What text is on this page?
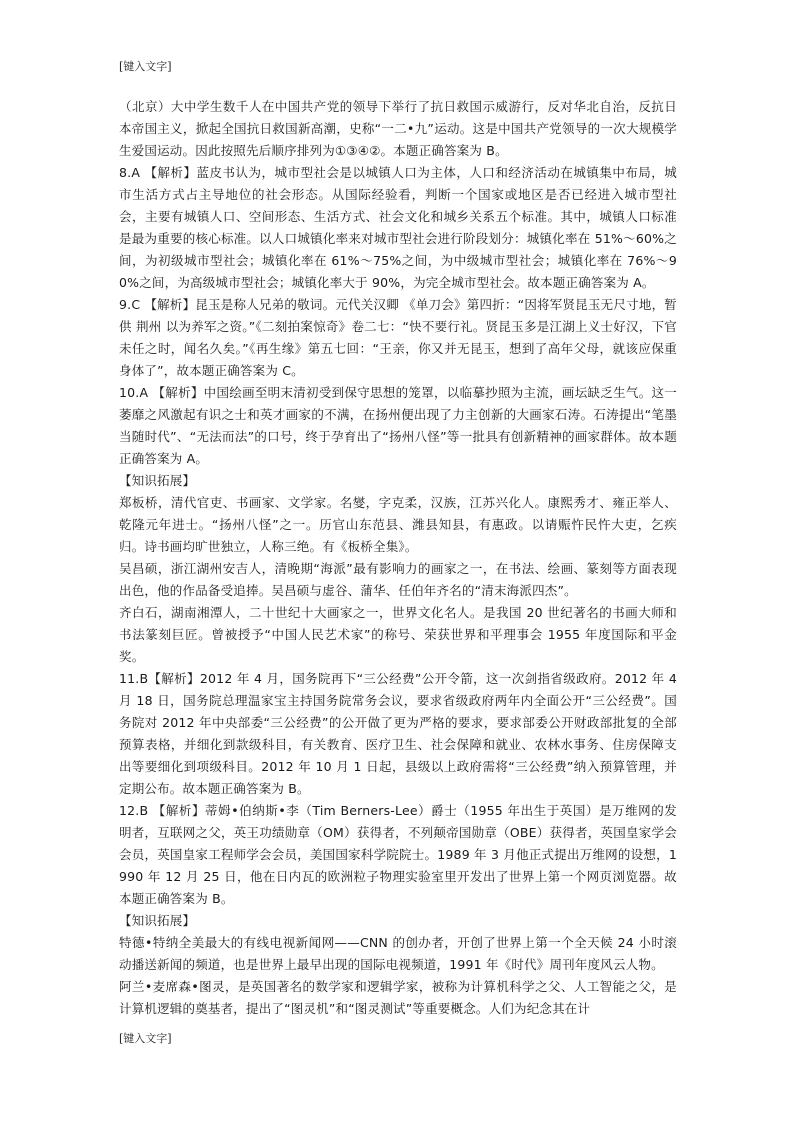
[键入文字]

（北京）大中学生数千人在中国共产党的领导下举行了抗日救国示威游行，反对华北自治，反抗日本帝国主义，掀起全国抗日救国新高潮，史称“一二•九”运动。这是中国共产党领导的一次大规模学生爱国运动。因此按照先后顺序排列为①③④②。本题正确答案为 B。

8.A 【解析】蓝皮书认为，城市型社会是以城镇人口为主体，人口和经济活动在城镇集中布局，城市生活方式占主导地位的社会形态。从国际经验看，判断一个国家或地区是否已经进入城市型社会，主要有城镇人口、空间形态、生活方式、社会文化和城乡关系五个标准。其中，城镇人口标准是最为重要的核心标准。以人口城镇化率来对城市型社会进行阶段划分：城镇化率在 51%～60%之间，为初级城市型社会；城镇化率在 61%～75%之间，为中级城市型社会；城镇化率在 76%～90%之间，为高级城市型社会；城镇化率大于 90%，为完全城市型社会。故本题正确答案为 A。

9.C 【解析】昆玉是称人兄弟的敬词。元代关汉卿 《单刀会》第四折：“因将军贤昆玉无尺寸地，暂供 荆州 以为养军之资。”《二刻拍案惊奇》卷二七：“快不要行礼。贤昆玉多是江湖上义士好汉，下官未任之时，闻名久矣。”《再生缘》第五七回：“王亲，你又并无昆玉，想到了高年父母，就该应保重身体了”，故本题正确答案为 C。

10.A 【解析】中国绘画至明末清初受到保守思想的笼罩，以临摹抄照为主流，画坛缺乏生气。这一萎靡之风激起有识之士和英才画家的不满，在扬州便出现了力主创新的大画家石涛。石涛提出“笔墨当随时代”、“无法而法”的口号，终于孕育出了“扬州八怪”等一批具有创新精神的画家群体。故本题正确答案为 A。

【知识拓展】

郑板桥，清代官吏、书画家、文学家。名燮，字克柔，汉族，江苏兴化人。康熙秀才、雍正举人、乾隆元年进士。“扬州八怪”之一。历官山东范县、潍县知县，有惠政。以请赈忤民忤大吏，乞疾归。诗书画均旷世独立，人称三绝。有《板桥全集》。

吴昌硕，浙江湖州安吉人，清晚期“海派”最有影响力的画家之一，在书法、绘画、篆刻等方面表现出色，他的作品备受追捧。吴昌硕与虚谷、蒲华、任伯年齐名的“清末海派四杰”。

齐白石，湖南湘潭人，二十世纪十大画家之一，世界文化名人。是我国 20 世纪著名的书画大师和书法篆刻巨匠。曾被授予“中国人民艺术家”的称号、荣获世界和平理事会 1955 年度国际和平金奖。

11.B【解析】2012 年 4 月，国务院再下“三公经费”公开令箭，这一次剑指省级政府。2012 年 4 月 18 日，国务院总理温家宝主持国务院常务会议，要求省级政府两年内全面公开“三公经费”。国务院对 2012 年中央部委“三公经费”的公开做了更为严格的要求，要求部委公开财政部批复的全部预算表格，并细化到款级科目，有关教育、医疗卫生、社会保障和就业、农林水事务、住房保障支出等要细化到项级科目。2012 年 10 月 1 日起，县级以上政府需将“三公经费”纳入预算管理，并定期公布。故本题正确答案为 B。

12.B 【解析】蒂姆•伯纳斯•李（Tim Berners-Lee）爵士（1955 年出生于英国）是万维网的发明者，互联网之父，英王功绩勋章（OM）获得者，不列颠帝国勋章（OBE）获得者，英国皇家学会会员，英国皇家工程师学会会员，美国国家科学院院士。1989 年 3 月他正式提出万维网的设想，1990 年 12 月 25 日，他在日内瓦的欧洲粒子物理实验室里开发出了世界上第一个网页浏览器。故本题正确答案为 B。

【知识拓展】

特德•特纳全美最大的有线电视新闻网——CNN 的创办者，开创了世界上第一个全天候 24 小时滚动播送新闻的频道，也是世界上最早出现的国际电视频道，1991 年《时代》周刊年度风云人物。

阿兰•麦席森•图灵，是英国著名的数学家和逻辑学家，被称为计算机科学之父、人工智能之父，是计算机逻辑的奠基者，提出了“图灵机”和“图灵测试”等重要概念。人们为纪念其在计

[键入文字]
